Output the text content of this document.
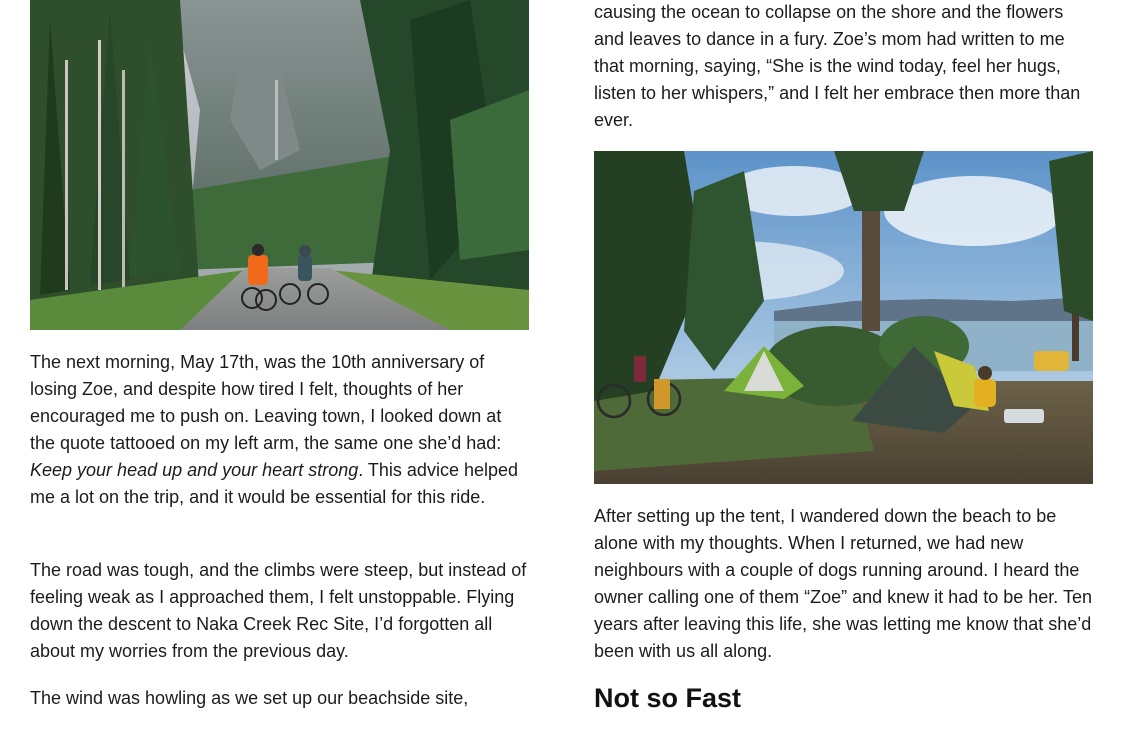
The next morning, May 17th, was the 10th anniversary of losing Zoe, and despite how tired I felt, thoughts of her encouraged me to push on. Leaving town, I looked down at the quote tattooed on my left arm, the same one she’d had: Keep your head up and your heart strong. This advice helped me a lot on the trip, and it would be essential for this ride.

The road was tough, and the climbs were steep, but instead of feeling weak as I approached them, I felt unstoppable. Flying down the descent to Naka Creek Rec Site, I’d forgotten all about my worries from the previous day.

The wind was howling as we set up our beachside site,

causing the ocean to collapse on the shore and the flowers and leaves to dance in a fury. Zoe’s mom had written to me that morning, saying, “She is the wind today, feel her hugs, listen to her whispers,” and I felt her embrace then more than ever.

After setting up the tent, I wandered down the beach to be alone with my thoughts. When I returned, we had new neighbours with a couple of dogs running around. I heard the owner calling one of them “Zoe” and knew it had to be her. Ten years after leaving this life, she was letting me know that she’d been with us all along.

Not so Fast
